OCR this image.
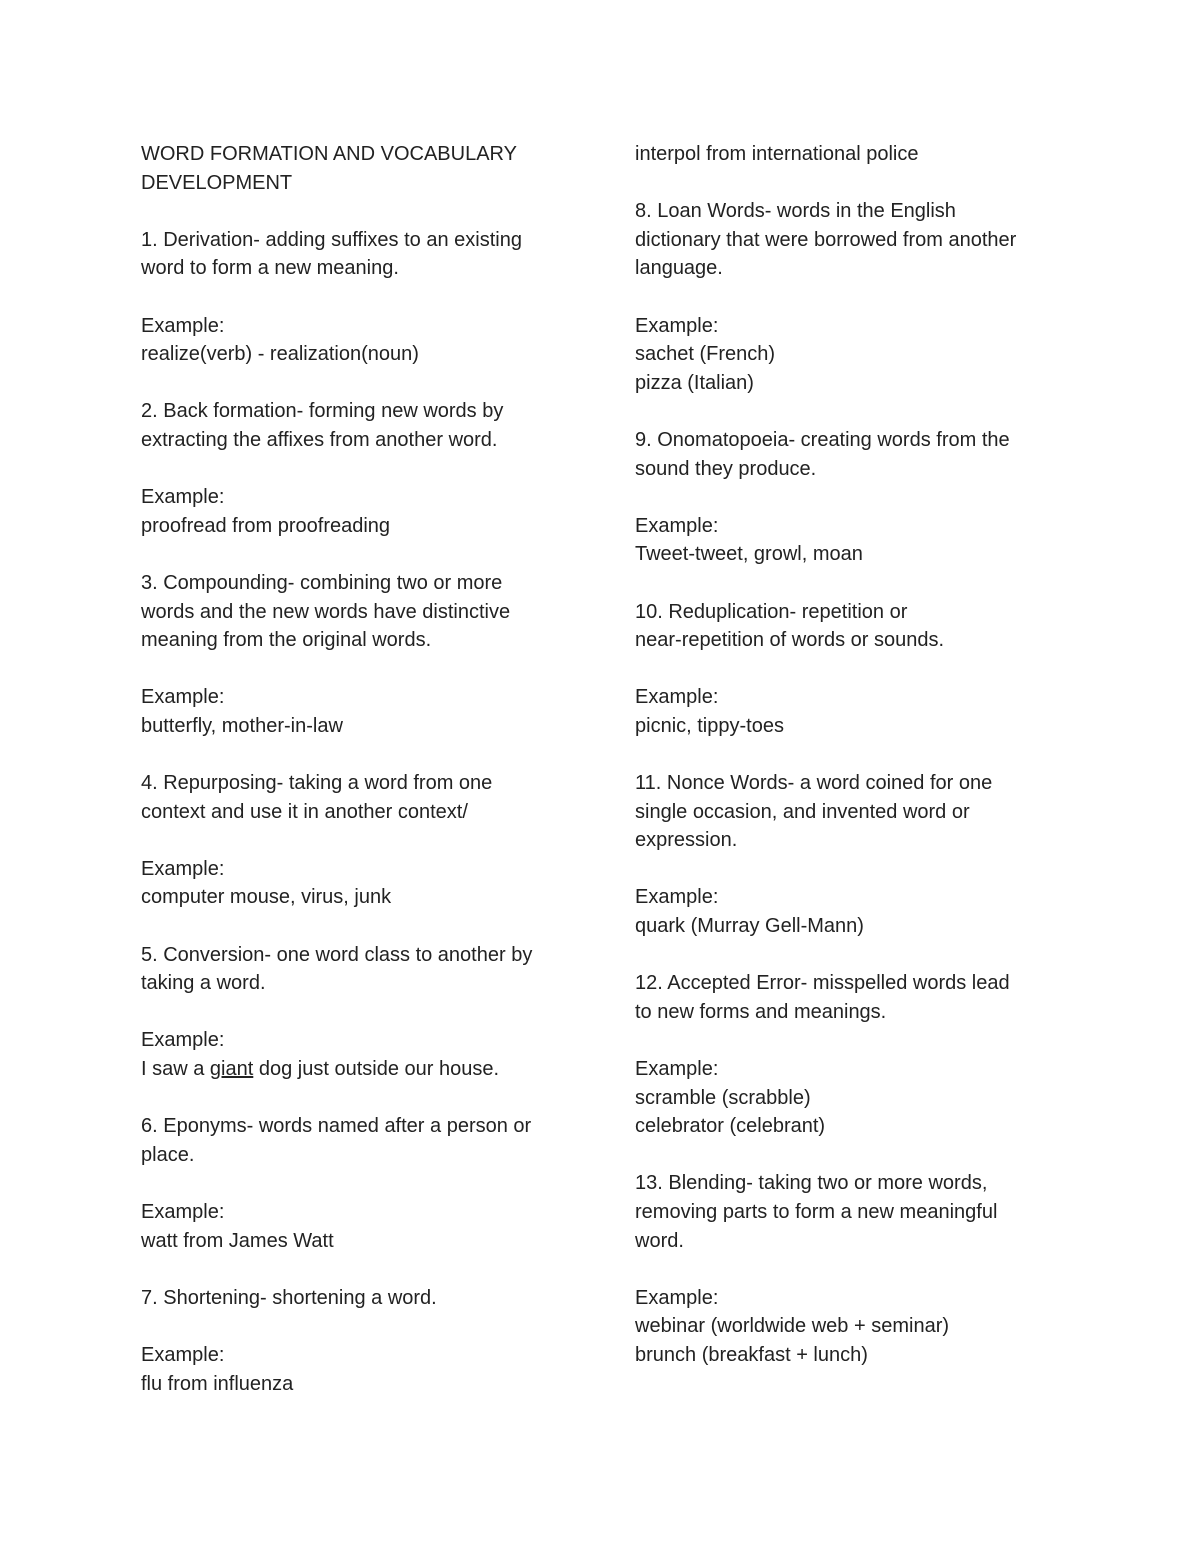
WORD FORMATION AND VOCABULARY
DEVELOPMENT
1. Derivation- adding suffixes to an existing
word to form a new meaning.
Example:
realize(verb) - realization(noun)
2. Back formation- forming new words by
extracting the affixes from another word.
Example:
proofread from proofreading
3. Compounding- combining two or more
words and the new words have distinctive
meaning from the original words.
Example:
butterfly, mother-in-law
4. Repurposing- taking a word from one
context and use it in another context/
Example:
computer mouse, virus, junk
5. Conversion- one word class to another by
taking a word.
Example:
I saw a giant dog just outside our house.
6. Eponyms- words named after a person or
place.
Example:
watt from James Watt
7. Shortening- shortening a word.
Example:
flu from influenza
interpol from international police
8. Loan Words- words in the English
dictionary that were borrowed from another
language.
Example:
sachet (French)
pizza (Italian)
9. Onomatopoeia- creating words from the
sound they produce.
Example:
Tweet-tweet, growl, moan
10. Reduplication- repetition or
near-repetition of words or sounds.
Example:
picnic, tippy-toes
11. Nonce Words- a word coined for one
single occasion, and invented word or
expression.
Example:
quark (Murray Gell-Mann)
12. Accepted Error- misspelled words lead
to new forms and meanings.
Example:
scramble (scrabble)
celebrator (celebrant)
13. Blending- taking two or more words,
removing parts to form a new meaningful
word.
Example:
webinar (worldwide web + seminar)
brunch (breakfast + lunch)
